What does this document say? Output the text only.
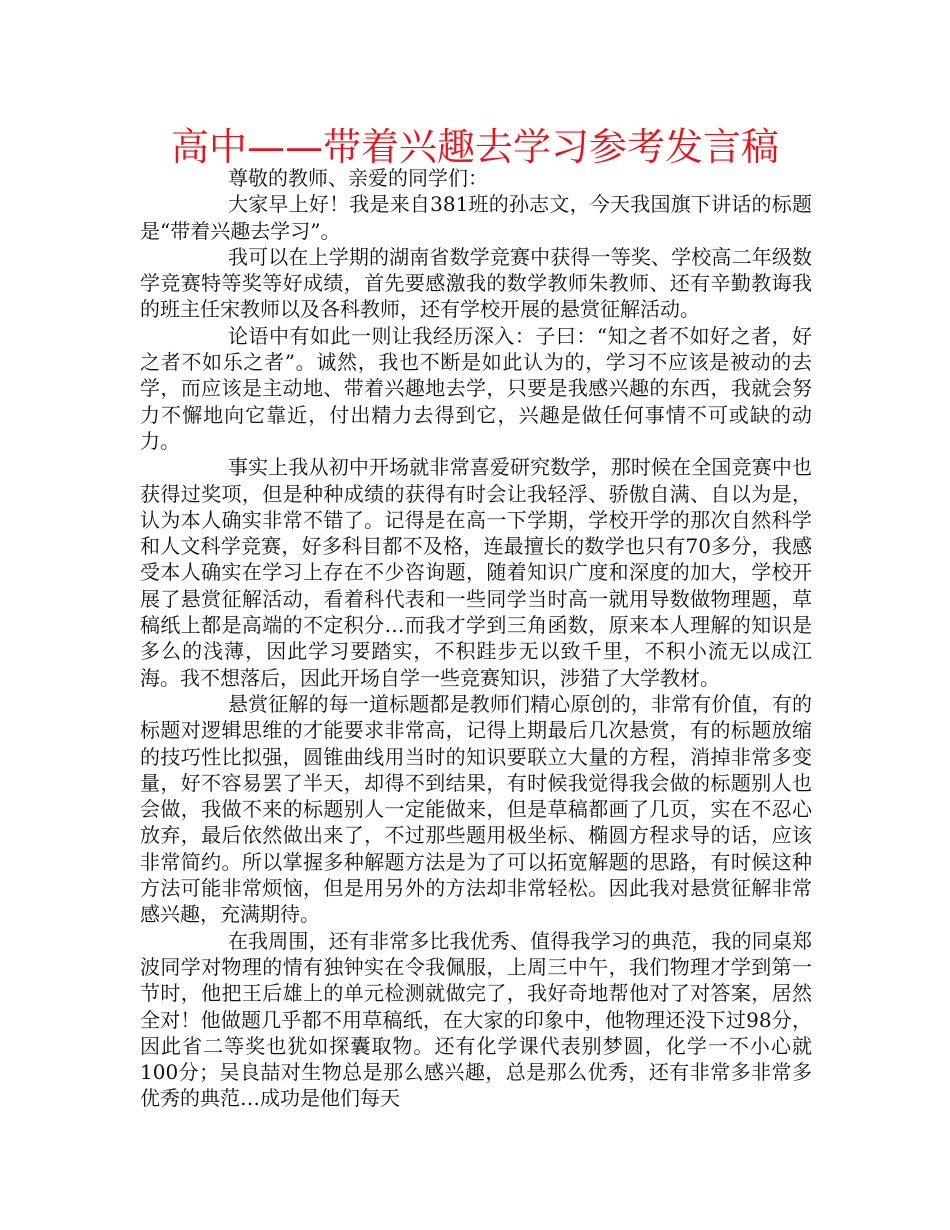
高中——带着兴趣去学习参考发言稿

尊敬的教师、亲爱的同学们：

大家早上好！我是来自381班的孙志文，今天我国旗下讲话的标题是“带着兴趣去学习”。

我可以在上学期的湖南省数学竞赛中获得一等奖、学校高二年级数学竞赛特等奖等好成绩，首先要感激我的数学教师朱教师、还有辛勤教诲我的班主任宋教师以及各科教师，还有学校开展的悬赏征解活动。

论语中有如此一则让我经历深入：子曰：“知之者不如好之者，好之者不如乐之者”。诚然，我也不断是如此认为的，学习不应该是被动的去学，而应该是主动地、带着兴趣地去学，只要是我感兴趣的东西，我就会努力不懈地向它靠近，付出精力去得到它，兴趣是做任何事情不可或缺的动力。

事实上我从初中开场就非常喜爱研究数学，那时候在全国竞赛中也获得过奖项，但是种种成绩的获得有时会让我轻浮、骄傲自满、自以为是，认为本人确实非常不错了。记得是在高一下学期，学校开学的那次自然科学和人文科学竞赛，好多科目都不及格，连最擅长的数学也只有70多分，我感受本人确实在学习上存在不少咨询题，随着知识广度和深度的加大，学校开展了悬赏征解活动，看着科代表和一些同学当时高一就用导数做物理题，草稿纸上都是高端的不定积分…而我才学到三角函数，原来本人理解的知识是多么的浅薄，因此学习要踏实，不积跬步无以致千里，不积小流无以成江海。我不想落后，因此开场自学一些竞赛知识，涉猎了大学教材。

悬赏征解的每一道标题都是教师们精心原创的，非常有价值，有的标题对逻辑思维的才能要求非常高，记得上期最后几次悬赏，有的标题放缩的技巧性比拟强，圆锥曲线用当时的知识要联立大量的方程，消掉非常多变量，好不容易罢了半天，却得不到结果，有时候我觉得我会做的标题别人也会做，我做不来的标题别人一定能做来，但是草稿都画了几页，实在不忍心放弃，最后依然做出来了，不过那些题用极坐标、椭圆方程求导的话，应该非常简约。所以掌握多种解题方法是为了可以拓宽解题的思路，有时候这种方法可能非常烦恼，但是用另外的方法却非常轻松。因此我对悬赏征解非常感兴趣，充满期待。

在我周围，还有非常多比我优秀、值得我学习的典范，我的同桌郑波同学对物理的情有独钟实在令我佩服，上周三中午，我们物理才学到第一节时，他把王后雄上的单元检测就做完了，我好奇地帮他对了对答案，居然全对！他做题几乎都不用草稿纸，在大家的印象中，他物理还没下过98分，因此省二等奖也犹如探囊取物。还有化学课代表别梦圆，化学一不小心就100分；吴良喆对生物总是那么感兴趣，总是那么优秀，还有非常多非常多优秀的典范…成功是他们每天
